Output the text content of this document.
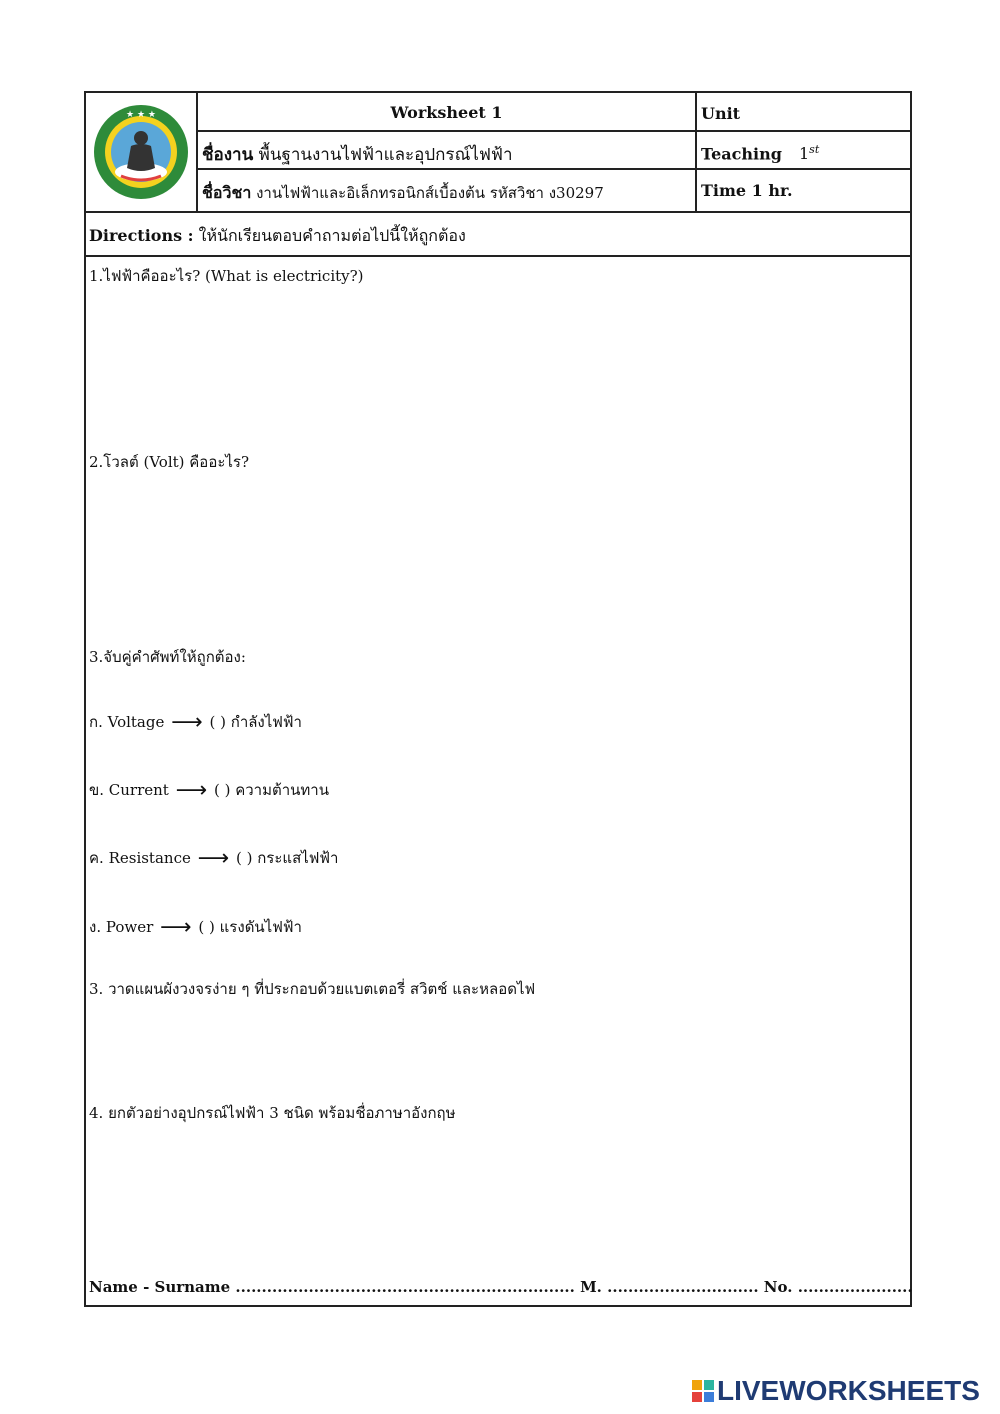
★ ★ ★	Worksheet 1
ชื่องาน พื้นฐานงานไฟฟ้าและอุปกรณ์ไฟฟ้า
ชื่อวิชา งานไฟฟ้าและอิเล็กทรอนิกส์เบื้องต้น รหัสวิชา ง30297
Unit
Teaching 1st
Time 1 hr.
Directions : ให้นักเรียนตอบคำถามต่อไปนี้ให้ถูกต้อง
1.ไฟฟ้าคืออะไร? (What is electricity?)
2.โวลต์ (Volt) คืออะไร?
3.จับคู่คำศัพท์ให้ถูกต้อง:
ก. Voltage ⟶ ( ) กำลังไฟฟ้า
ข. Current ⟶ ( ) ความต้านทาน
ค. Resistance ⟶ ( ) กระแสไฟฟ้า
ง. Power ⟶ ( ) แรงดันไฟฟ้า
3. วาดแผนผังวงจรง่าย ๆ ที่ประกอบด้วยแบตเตอรี่ สวิตช์ และหลอดไฟ
4. ยกตัวอย่างอุปกรณ์ไฟฟ้า 3 ชนิด พร้อมชื่อภาษาอังกฤษ
Name - Surname ................................................................. M. ............................. No. ......................
LIVEWORKSHEETS
